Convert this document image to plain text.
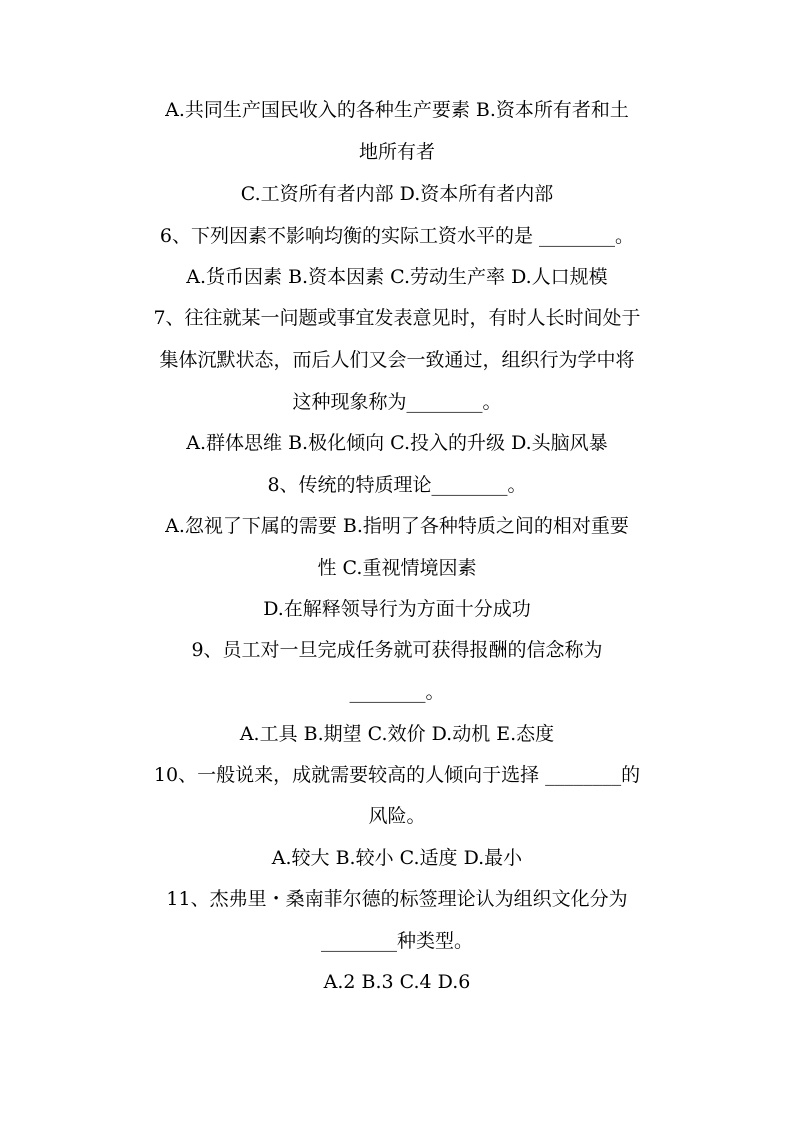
A.共同生产国民收入的各种生产要素 B.资本所有者和土
地所有者
C.工资所有者内部 D.资本所有者内部
6、下列因素不影响均衡的实际工资水平的是 ________。
A.货币因素 B.资本因素 C.劳动生产率 D.人口规模
7、往往就某一问题或事宜发表意见时，有时人长时间处于
集体沉默状态，而后人们又会一致通过，组织行为学中将
这种现象称为________。
A.群体思维 B.极化倾向 C.投入的升级 D.头脑风暴
8、传统的特质理论________。
A.忽视了下属的需要 B.指明了各种特质之间的相对重要
性 C.重视情境因素
D.在解释领导行为方面十分成功
9、员工对一旦完成任务就可获得报酬的信念称为
________。
A.工具 B.期望 C.效价 D.动机 E.态度
10、一般说来，成就需要较高的人倾向于选择 ________的
风险。
A.较大 B.较小 C.适度 D.最小
11、杰弗里・桑南菲尔德的标签理论认为组织文化分为
________种类型。
A.2 B.3 C.4 D.6
